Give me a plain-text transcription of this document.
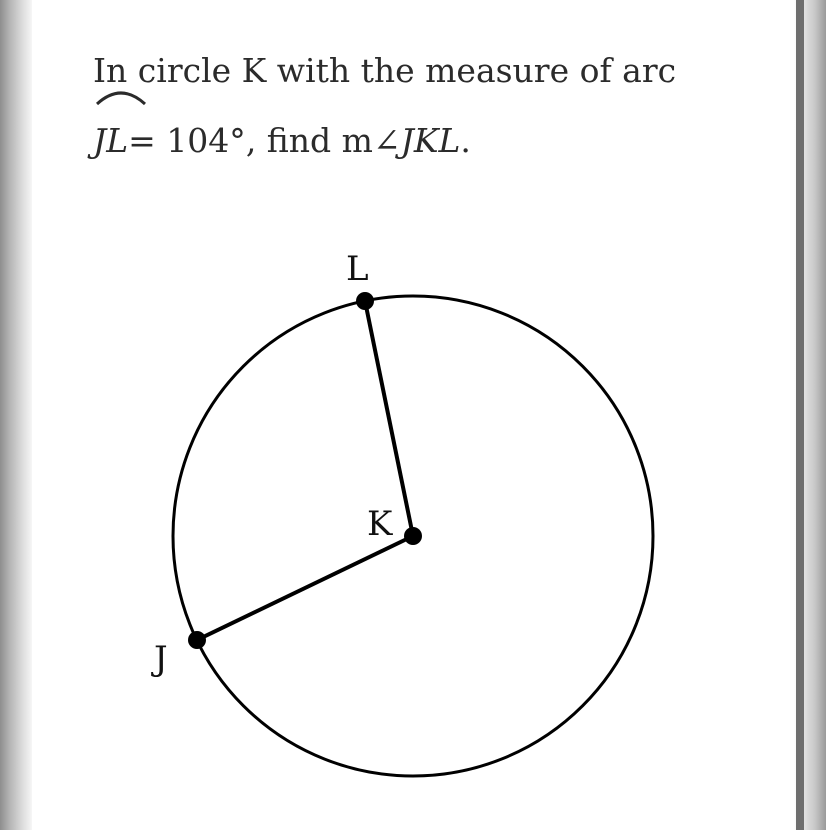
In circle K with the measure of arc
JL= 104°, find m∠JKL.
L
K
J
